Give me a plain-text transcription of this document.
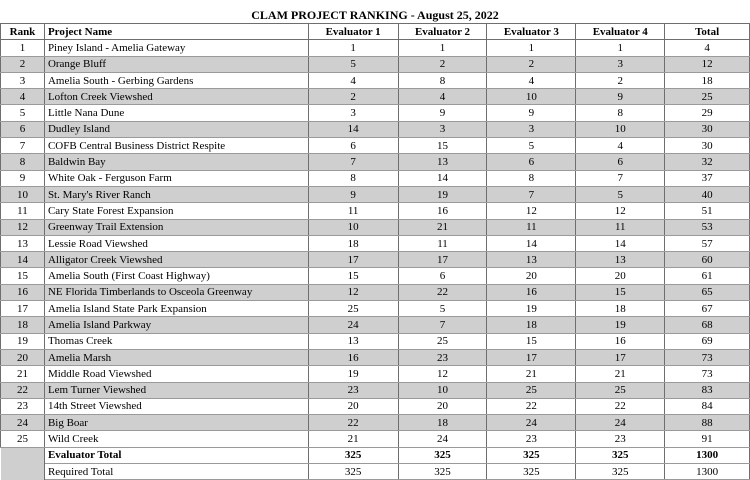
CLAM PROJECT RANKING - August 25, 2022
Rank	Project Name	Evaluator 1	Evaluator 2	Evaluator 3	Evaluator 4	Total
1	Piney Island - Amelia Gateway	1	1	1	1	4
2	Orange Bluff	5	2	2	3	12
3	Amelia South - Gerbing Gardens	4	8	4	2	18
4	Lofton Creek Viewshed	2	4	10	9	25
5	Little Nana Dune	3	9	9	8	29
6	Dudley Island	14	3	3	10	30
7	COFB Central Business District Respite	6	15	5	4	30
8	Baldwin Bay	7	13	6	6	32
9	White Oak - Ferguson Farm	8	14	8	7	37
10	St. Mary's River Ranch	9	19	7	5	40
11	Cary State Forest Expansion	11	16	12	12	51
12	Greenway Trail Extension	10	21	11	11	53
13	Lessie Road Viewshed	18	11	14	14	57
14	Alligator Creek Viewshed	17	17	13	13	60
15	Amelia South (First Coast Highway)	15	6	20	20	61
16	NE Florida Timberlands to Osceola Greenway	12	22	16	15	65
17	Amelia Island State Park Expansion	25	5	19	18	67
18	Amelia Island Parkway	24	7	18	19	68
19	Thomas Creek	13	25	15	16	69
20	Amelia Marsh	16	23	17	17	73
21	Middle Road Viewshed	19	12	21	21	73
22	Lem Turner Viewshed	23	10	25	25	83
23	14th Street Viewshed	20	20	22	22	84
24	Big Boar	22	18	24	24	88
25	Wild Creek	21	24	23	23	91
	Evaluator Total	325	325	325	325	1300
	Required Total	325	325	325	325	1300
